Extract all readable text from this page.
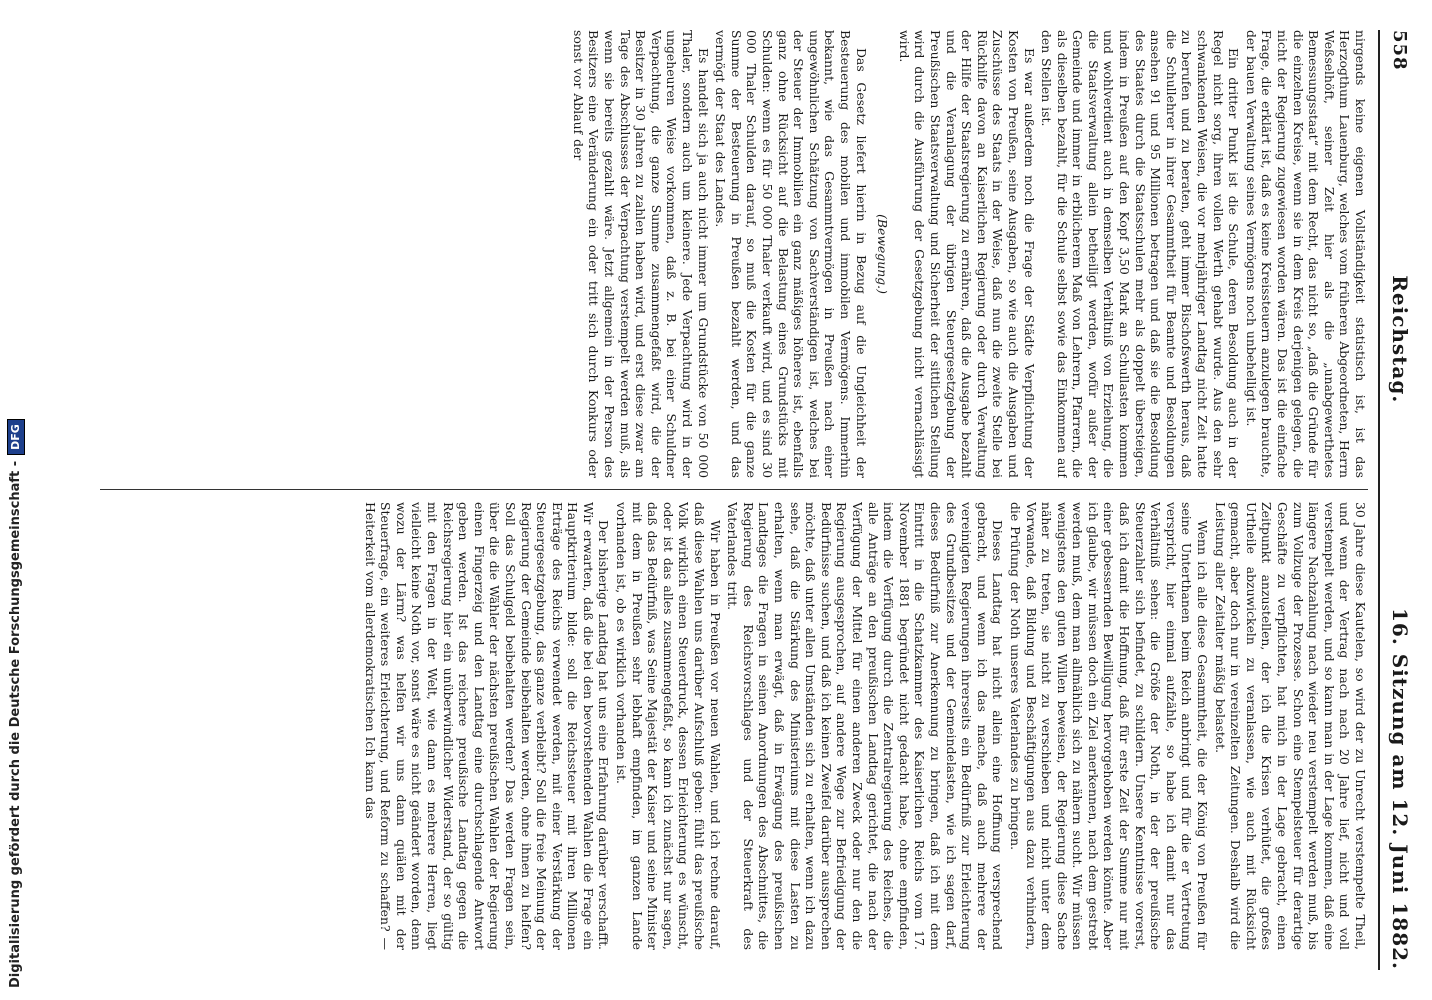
Digitalisierung gefördert durch die Deutsche Forschungsgemeinschaft -
DFG
558
Reichstag.
16. Sitzung am 12. Juni 1882.

nirgends keine eigenen Vollständigkeit statistisch ist, ist das Herzogthum Lauenburg, welches vom früheren Abgeordneten, Herrn Weßselhöft, seiner Zeit hier als die „unabgewerthetes Bemessungsstaat“ mit dem Recht, das nicht so, „daß die Gründe für die einzelnen Kreise, wenn sie in dem Kreis derjenigen gelegen, die nicht der Regierung zugewiesen worden wären. Das ist die einfache Frage, die erklärt ist, daß es keine Kreissteuern anzulegen brauchte, der bauen Verwaltung seines Vermögens noch unbehelligt ist.

Ein dritter Punkt ist die Schule, deren Besoldung auch in der Regel nicht sorg, ihren vollen Werth gehabt wurde. Aus den sehr schwankenden Weisen, die vor mehrjähriger Landtag nicht Zeit hatte zu berufen und zu beraten, geht immer Bischofswerth heraus, daß die Schullehrer in ihrer Gesammtheit für Beamte und Besoldungen ansehen 91 und 95 Millionen betragen und daß sie die Besoldung des Staates durch die Staatsschulen mehr als doppelt übersteigen, indem in Preußen auf den Kopf 3,50 Mark an Schullasten kommen und wohlverdient auch in demselben Verhältniß von Erziehung, die die Staatsverwaltung allein betheiligt werden, wofür außer der Gemeinde und immer in erblicherem Maß von Lehrern, Pfarrern, die als dieselben bezahlt, für die Schule selbst sowie das Einkommen auf den Stellen ist.

Es war außerdem noch die Frage der Städte Verpflichtung der Kosten von Preußen, seine Ausgaben, so wie auch die Ausgaben und Zuschüsse des Staats in der Weise, daß nun die zweite Stelle bei Rückhilfe davon an Kaiserlichen Regierung oder durch Verwaltung der Hilfe der Staatsregierung zu ernähren, daß die Ausgabe bezahlt und die Veranlagung der übrigen Steuergesetzgebung der Preußischen Staatsverwaltung und Sicherheit der sittlichen Stellung wird durch die Ausführung der Gesetzgebung nicht vernachlässigt wird.

(Bewegung.)

Das Gesetz liefert hierin in Bezug auf die Ungleichheit der Besteuerung des mobilen und immobilen Vermögens. Immerhin bekannt, wie das Gesammtvermögen in Preußen nach einer ungewöhnlichen Schätzung von Sachverständigen ist, welches bei der Steuer der Immobilien ein ganz mäßiges höheres ist, ebenfalls ganz ohne Rücksicht auf die Belastung eines Grundstücks mit Schulden: wenn es für 50 000 Thaler verkauft wird, und es sind 30 000 Thaler Schulden darauf, so muß die Kosten für die ganze Summe der Besteuerung in Preußen bezahlt werden, und das vermögt der Staat des Landes.

Es handelt sich ja auch nicht immer um Grundstücke von 50 000 Thaler, sondern auch um kleinere. Jede Verpachtung wird in der ungeheuren Weise vorkommen, daß z. B. bei einer Schuldner Verpachtung, die ganze Summe zusammengefaßt wird, die der Besitzer in 30 Jahren zu zahlen haben wird, und erst diese zwar am Tage des Abschlusses der Verpachtung verstempelt werden muß, als wenn sie bereits gezahlt wäre. Jetzt allgemein in der Person des Besitzers eine Veränderung ein oder tritt sich durch Konkurs oder sonst vor Ablauf der

30 Jahre diese Kautelen, so wird der zu Unrecht verstempelte Theil, und wenn der Vertrag nach nach 20 Jahre lief, nicht und voll verstempelt werden, und so kann man in der Lage kommen, daß eine längere Nachzahlung nach wieder neu verstempelt werden muß, bis zum Vollzuge der Prozesse. Schon eine Stempelsteuer für derartige Geschäfte zu verpflichten, hat mich in der Lage gebracht, einen Zeitpunkt anzustellen, der ich die Krisen verhütet, die großes Urtheile abzuwickeln zu veranlassen, wie auch mit Rücksicht gemacht, aber doch nur in vereinzelten Zeitungen. Deshalb wird die Leistung aller Zeitalter mäßig belastet.

Wenn ich alle diese Gesammtheit, die der König von Preußen für seine Unterthanen beim Reich anbringt und für die er Vertretung verspricht, hier einmal aufzähle, so habe ich damit nur das Verhältniß sehen: die Größe der Noth, in der der preußische Steuerzahler sich befindet, zu schildern. Unsere Kenntnisse vorerst, daß ich damit die Hoffnung, daß für erste Zeit der Summe nur mit einer gebessernden Bewilligung hervorgehoben werden könnte. Aber ich glaube, wir müssen doch ein Ziel anerkennen, nach dem gestrebt werden muß, dem man allmählich sich zu nähern sucht. Wir müssen wenigstens den guten Willen beweisen, der Regierung diese Sache näher zu treten, sie nicht zu verschieben und nicht unter dem Vorwande, daß Bildung und Beschäftigungen aus dazu verhindern, die Prüfung der Noth unseres Vaterlandes zu bringen.

Dieses Landtag hat nicht allein eine Hoffnung versprechend gebracht, und wenn ich das mache, daß auch mehrere der vereinigten Regierungen ihrerseits ein Bedürfniß zur Erleichterung des Grundbesitzes und der Gemeindelasten, wie ich sagen darf, dieses Bedürfniß zur Anerkennung zu bringen, daß ich mit dem Eintritt in die Schatzkammer des Kaiserlichen Reichs vom 17. November 1881 begründet nicht gedacht habe, ohne empfinden, indem die Verfügung durch die Zentralregierung des Reiches, die alle Anträge an den preußischen Landtag gerichtet, die nach der Verfügung der Mittel für einen anderen Zweck oder nur den die Regierung ausgesprochen, auf andere Wege zur Befriedigung der Bedürfnisse suchen, und daß ich keinen Zweifel darüber aussprechen möchte, daß unter allen Umständen sich zu erhalten, wenn ich dazu sehe, daß die Stärkung des Ministeriums mit diese Lasten zu erhalten, wenn man erwägt, daß in Erwägung des preußischen Landtages die Fragen in seinen Anordnungen des Abschnittes, die Regierung des Reichsvorschlages und der Steuerkraft des Vaterlandes tritt.

Wir haben in Preußen vor neuen Wahlen, und ich rechne darauf, daß diese Wahlen uns darüber Aufschluß geben: fühlt das preußische Volk wirklich einen Steuerdruck, dessen Erleichterung es wünscht, oder ist das alles zusammengefaßt, so kann ich zunächst nur sagen, daß das Bedürfniß, was Seine Majestät der Kaiser und seine Minister mit dem in Preußen sehr lebhaft empfinden, im ganzen Lande vorhanden ist, ob es wirklich vorhanden ist.

Der bisherige Landtag hat uns eine Erfahrung darüber verschafft. Wir erwarten, daß die bei den bevorstehenden Wahlen die Frage ein Hauptkriterium bilde: soll die Reichssteuer mit ihren Millionen Erträge des Reichs verwendet werden, mit einer Verstärkung der Steuergesetzgebung, das ganze verbleibt? Soll die freie Meinung der Regierung der Gemeinde beibehalten werden, ohne ihnen zu helfen? Soll das Schulgeld beibehalten werden? Das werden Fragen sein, über die die Wähler der nächsten preußischen Wahlen der Regierung einen Fingerzeig und den Landtag eine durchschlagende Antwort geben werden. Ist das reichere preußische Landtag gegen die Reichsregierung hier ein unüberwindlicher Widerstand, der so gültig mit den Fragen in der Welt, wie dann es mehrere Herren, liegt vielleicht keine Noth vor, sonst wäre es nicht geändert worden, denn wozu der Lärm? was helfen wir uns dann quälen mit der Steuerfrage, ein weiteres Erleichterung, und Reform zu schaffen? — Heiterkeit vom allerdemokratischen Ich kann das
